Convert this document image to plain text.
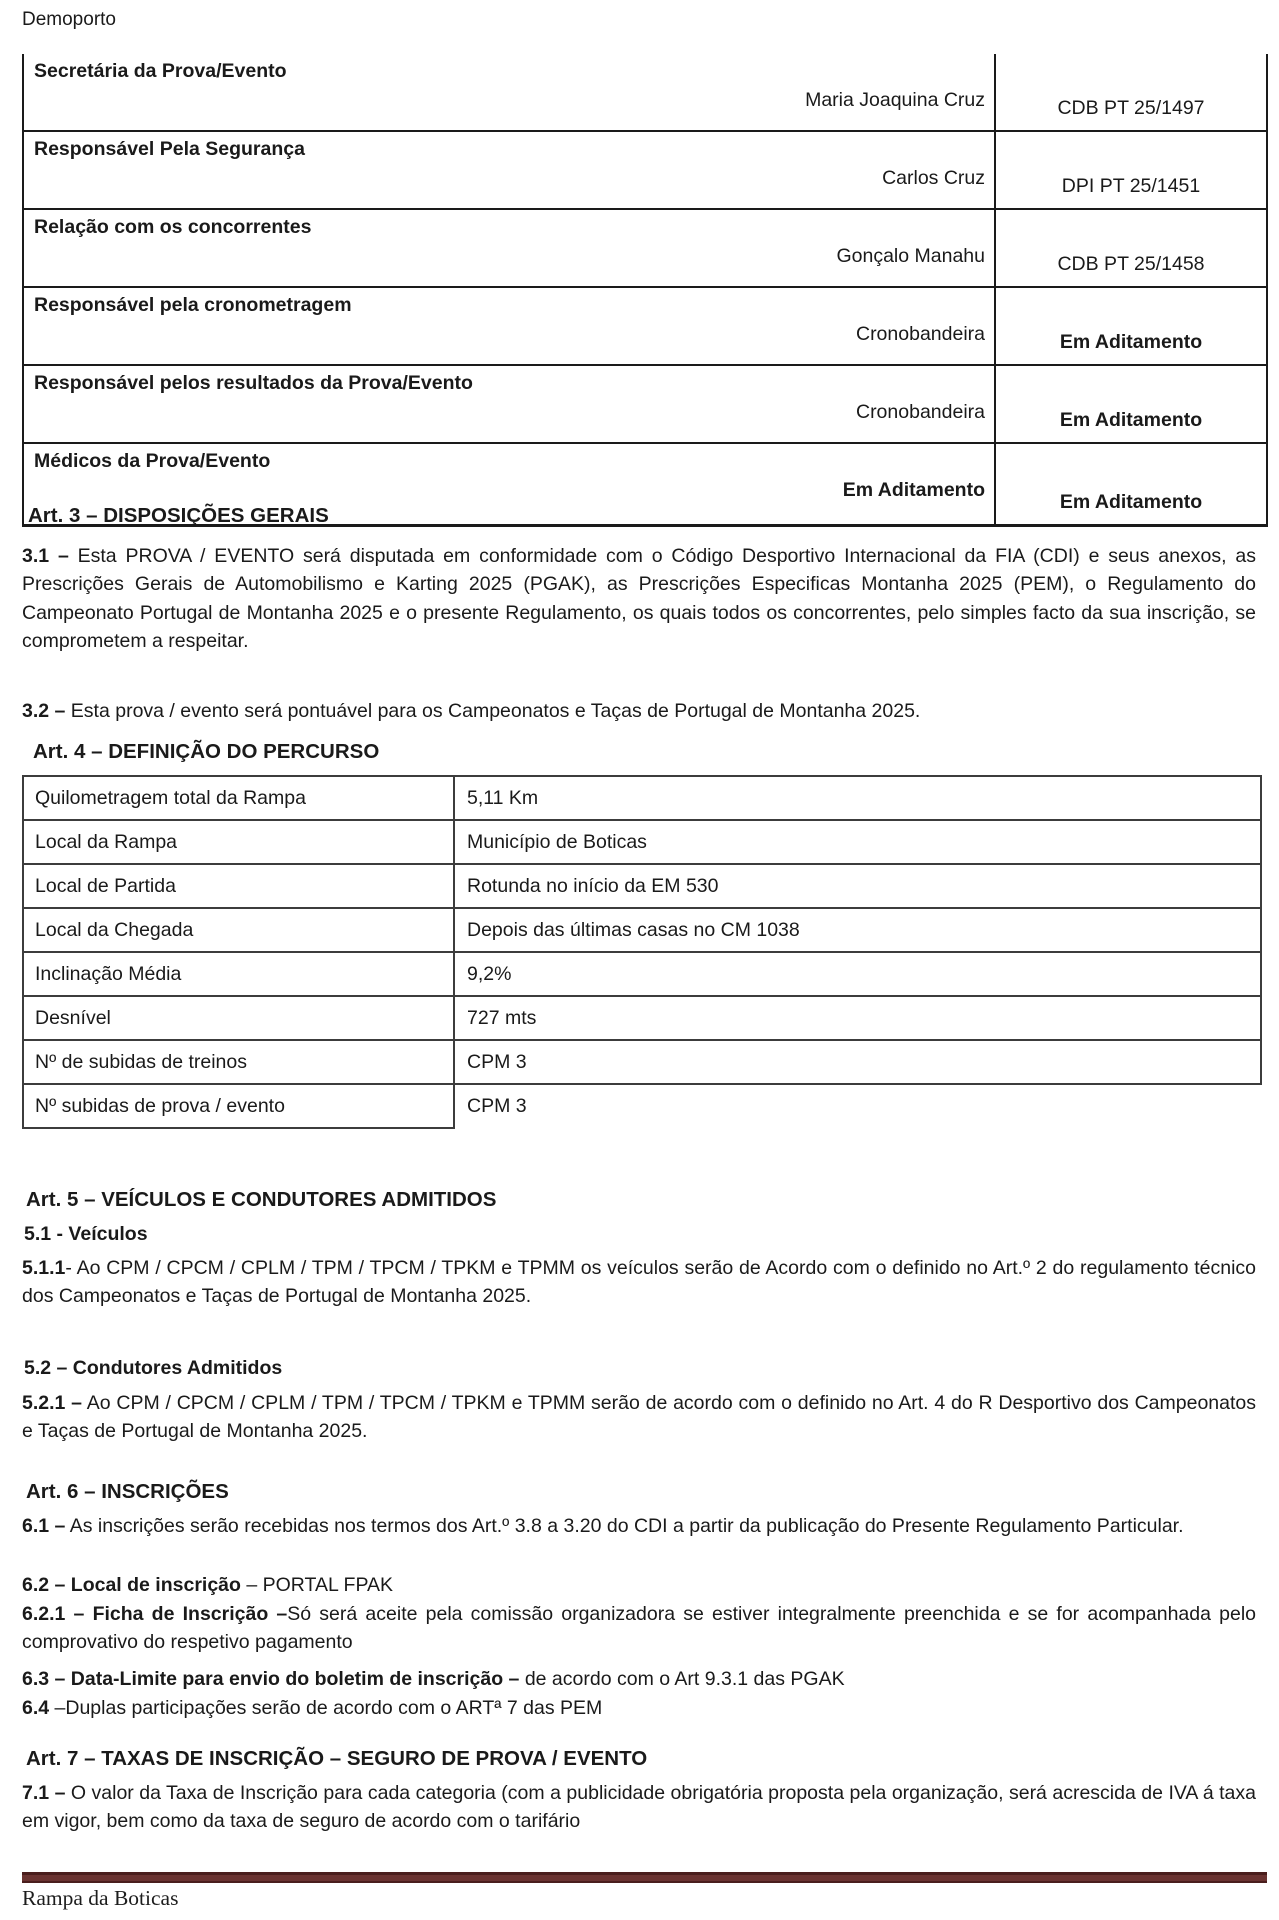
Demoporto
Secretária da Prova/Evento
Maria Joaquina Cruz	CDB PT 25/1497

Responsável Pela Segurança
Carlos Cruz	DPI PT 25/1451

Relação com os concorrentes
Gonçalo Manahu	CDB PT 25/1458

Responsável pela cronometragem
Cronobandeira	Em Aditamento

Responsável pelos resultados da Prova/Evento
Cronobandeira	Em Aditamento

Médicos da Prova/Evento
Em Aditamento	Em Aditamento
Art. 3 – DISPOSIÇÕES GERAIS
3.1 – Esta PROVA / EVENTO será disputada em conformidade com o Código Desportivo Internacional da FIA (CDI) e seus anexos, as Prescrições Gerais de Automobilismo e Karting 2025 (PGAK), as Prescrições Especificas Montanha 2025 (PEM), o Regulamento do Campeonato Portugal de Montanha 2025 e o presente Regulamento, os quais todos os concorrentes, pelo simples facto da sua inscrição, se comprometem a respeitar.
3.2 – Esta prova / evento será pontuável para os Campeonatos e Taças de Portugal de Montanha 2025.
Art. 4 – DEFINIÇÃO DO PERCURSO
Quilometragem total da Rampa	5,11 Km
Local da Rampa	Município de Boticas
Local de Partida	Rotunda no início da EM 530
Local da Chegada	Depois das últimas casas no CM 1038
Inclinação Média	9,2%
Desnível	727 mts
Nº de subidas de treinos	CPM 3
Nº subidas de prova / evento	CPM 3
Art. 5 – VEÍCULOS E CONDUTORES ADMITIDOS
5.1 - Veículos
5.1.1- Ao CPM / CPCM / CPLM / TPM / TPCM / TPKM e TPMM os veículos serão de Acordo com o definido no Art.º 2 do regulamento técnico dos Campeonatos e Taças de Portugal de Montanha 2025.
5.2 – Condutores Admitidos
5.2.1 – Ao CPM / CPCM / CPLM / TPM / TPCM / TPKM e TPMM serão de acordo com o definido no Art. 4 do R Desportivo dos Campeonatos e Taças de Portugal de Montanha 2025.
Art. 6 – INSCRIÇÕES
6.1 – As inscrições serão recebidas nos termos dos Art.º 3.8 a 3.20 do CDI a partir da publicação do Presente Regulamento Particular.
6.2 – Local de inscrição – PORTAL FPAK
6.2.1 – Ficha de Inscrição –Só será aceite pela comissão organizadora se estiver integralmente preenchida e se for acompanhada pelo comprovativo do respetivo pagamento
6.3 – Data-Limite para envio do boletim de inscrição – de acordo com o Art 9.3.1 das PGAK
6.4 –Duplas participações serão de acordo com o ARTª 7 das PEM
Art. 7 – TAXAS DE INSCRIÇÃO – SEGURO DE PROVA / EVENTO
7.1 – O valor da Taxa de Inscrição para cada categoria (com a publicidade obrigatória proposta pela organização, será acrescida de IVA á taxa em vigor, bem como da taxa de seguro de acordo com o tarifário
Rampa da Boticas
